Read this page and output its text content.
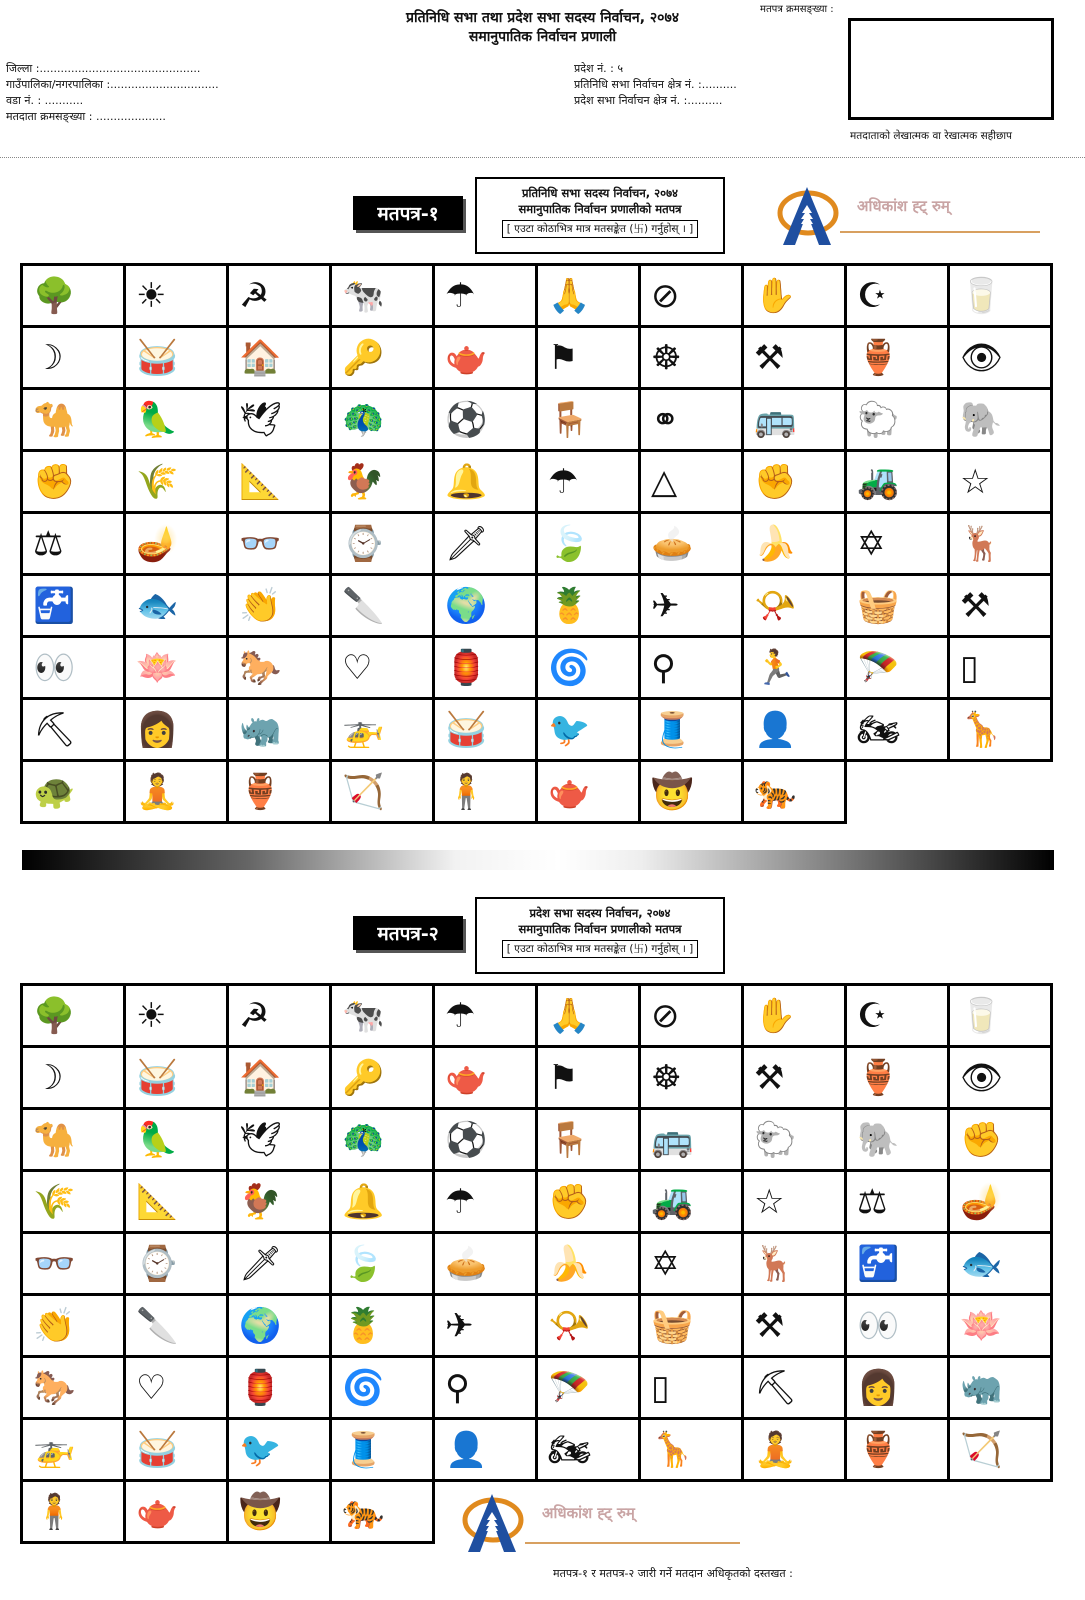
प्रतिनिधि सभा तथा प्रदेश सभा सदस्य निर्वाचन, २०७४
समानुपातिक निर्वाचन प्रणाली
मतपत्र क्रमसङ्ख्या :
जिल्ला :..............................................
गाउँपालिका/नगरपालिका :...............................
वडा नं. : ...........
मतदाता क्रमसङ्ख्या : ....................
प्रदेश नं. : ५
प्रतिनिधि सभा निर्वाचन क्षेत्र नं. :..........
प्रदेश सभा निर्वाचन क्षेत्र नं. :..........
मतदाताको लेखात्मक वा रेखात्मक सहीछाप
मतपत्र-१
प्रतिनिधि सभा सदस्य निर्वाचन, २०७४
समानुपातिक निर्वाचन प्रणालीको मतपत्र
[ एउटा कोठाभित्र मात्र मतसङ्केत (卐) गर्नुहोस् । ]
अधिकांश ह्ट् रुम्
🌳 ☀ ☭ 🐄 ☂ 🙏 ⊘ ✋ ☪ 🥛
☽ 🥁 🏠 🔑 🫖 ⚑ ☸ ⚒ 🏺 👁
🐪 🦜 🕊 🦚 ⚽ 🪑 ⚭ 🚌 🐑 🐘
✊ 🌾 📐 🐓 🔔 ☂ △ ✊ 🚜 ☆
⚖ 🪔 👓 ⌚ 🗡 🍃 🥧 🍌 ✡ 🦌
🚰 🐟 👏 🔪 🌍 🍍 ✈ 📯 🧺 ⚒
👀 🪷 🐎 ♡ 🏮 🌀 ⚲ 🏃 🪂 ▯
⛏ 👩 🦏 🚁 🥁 🐦 🧵 👤 🏍 🦒
🐢 🧘 🏺 🏹 🧍 🫖 🤠 🐅
मतपत्र-२
प्रदेश सभा सदस्य निर्वाचन, २०७४
समानुपातिक निर्वाचन प्रणालीको मतपत्र
[ एउटा कोठाभित्र मात्र मतसङ्केत (卐) गर्नुहोस् । ]
🌳 ☀ ☭ 🐄 ☂ 🙏 ⊘ ✋ ☪ 🥛
☽ 🥁 🏠 🔑 🫖 ⚑ ☸ ⚒ 🏺 👁
🐪 🦜 🕊 🦚 ⚽ 🪑 🚌 🐑 🐘 ✊
🌾 📐 🐓 🔔 ☂ ✊ 🚜 ☆ ⚖ 🪔
👓 ⌚ 🗡 🍃 🥧 🍌 ✡ 🦌 🚰 🐟
👏 🔪 🌍 🍍 ✈ 📯 🧺 ⚒ 👀 🪷
🐎 ♡ 🏮 🌀 ⚲ 🪂 ▯ ⛏ 👩 🦏
🚁 🥁 🐦 🧵 👤 🏍 🦒 🧘 🏺 🏹
🧍 🫖 🤠 🐅	अधिकांश ह्ट् रुम्
मतपत्र-१ र मतपत्र-२ जारी गर्ने मतदान अधिकृतको दस्तखत :
